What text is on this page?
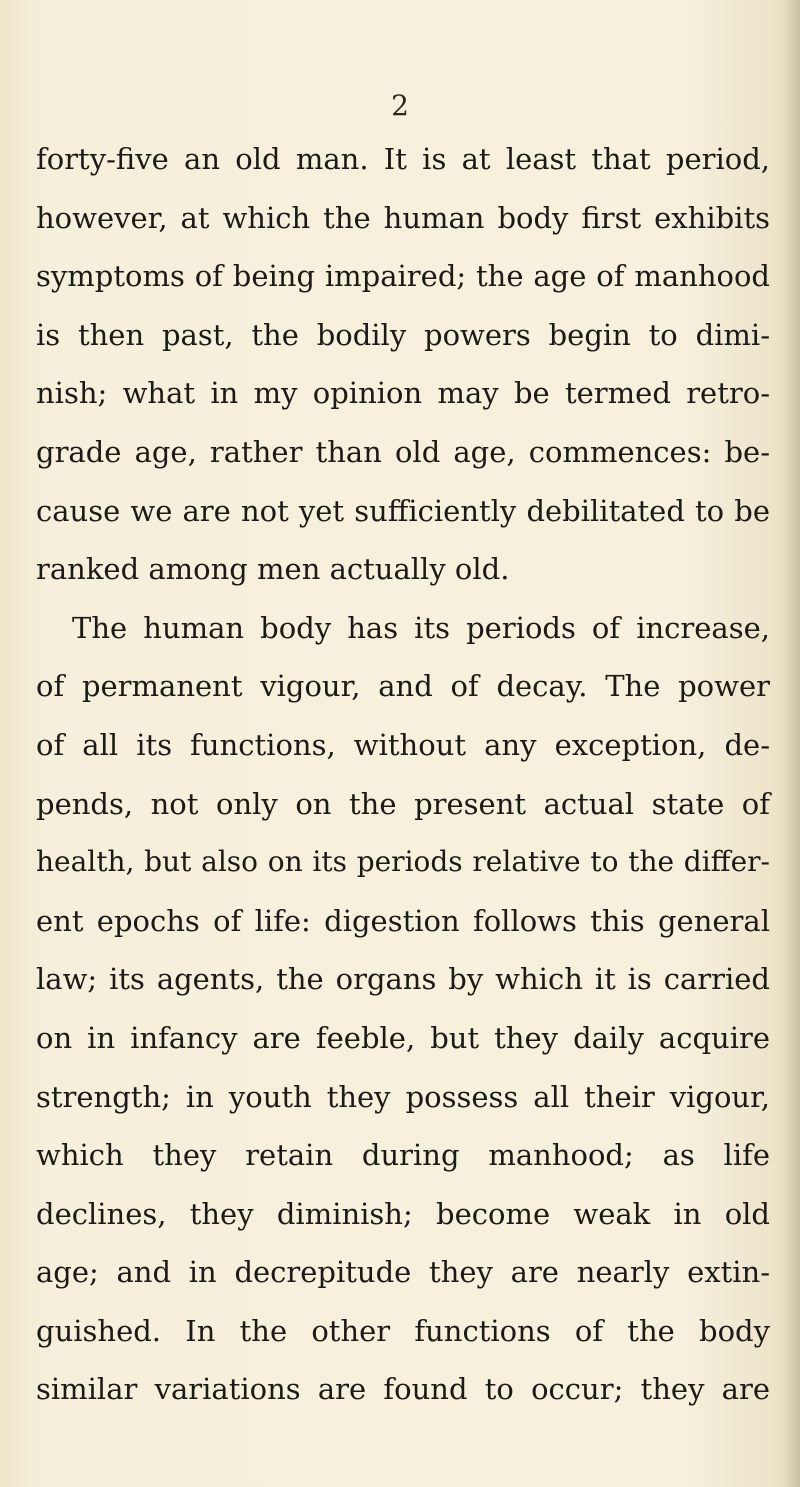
2
forty-five an old man. It is at least that period,
however, at which the human body first exhibits
symptoms of being impaired; the age of manhood
is then past, the bodily powers begin to dimi-
nish; what in my opinion may be termed retro-
grade age, rather than old age, commences: be-
cause we are not yet sufficiently debilitated to be
ranked among men actually old.
The human body has its periods of increase,
of permanent vigour, and of decay. The power
of all its functions, without any exception, de-
pends, not only on the present actual state of
health, but also on its periods relative to the differ-
ent epochs of life: digestion follows this general
law; its agents, the organs by which it is carried
on in infancy are feeble, but they daily acquire
strength; in youth they possess all their vigour,
which they retain during manhood; as life
declines, they diminish; become weak in old
age; and in decrepitude they are nearly extin-
guished. In the other functions of the body
similar variations are found to occur; they are
